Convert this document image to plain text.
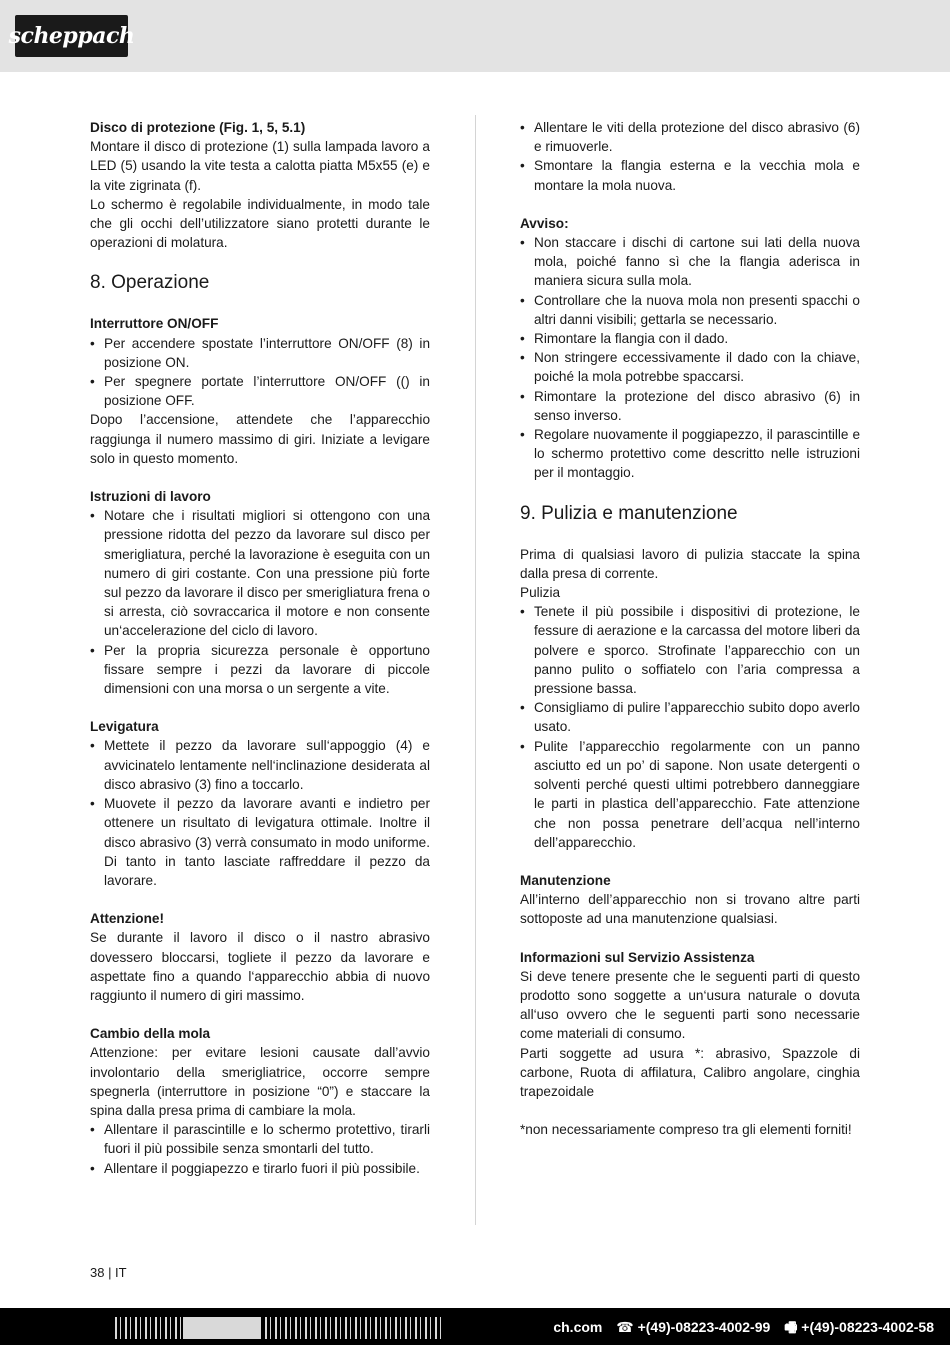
scheppach
Disco di protezione (Fig. 1, 5, 5.1)
Montare il disco di protezione (1) sulla lampada lavoro a LED (5) usando la vite testa a calotta piatta M5x55 (e) e la vite zigrinata (f).
Lo schermo è regolabile individualmente, in modo tale che gli occhi dell’utilizzatore siano protetti durante le operazioni di molatura.
8. Operazione
Interruttore ON/OFF
• Per accendere spostate l’interruttore ON/OFF (8) in posizione ON.
• Per spegnere portate l’interruttore ON/OFF (() in posizione OFF.
Dopo l’accensione, attendete che l’apparecchio raggiunga il numero massimo di giri. Iniziate a levigare solo in questo momento.
Istruzioni di lavoro
• Notare che i risultati migliori si ottengono con una pressione ridotta del pezzo da lavorare sul disco per smerigliatura, perché la lavorazione è eseguita con un numero di giri costante. Con una pressione più forte sul pezzo da lavorare il disco per smerigliatura frena o si arresta, ciò sovraccarica il motore e non consente un‘accelerazione del ciclo di lavoro.
• Per la propria sicurezza personale è opportuno fissare sempre i pezzi da lavorare di piccole dimensioni con una morsa o un sergente a vite.
Levigatura
• Mettete il pezzo da lavorare sull‘appoggio (4) e avvicinatelo lentamente nell‘inclinazione desiderata al disco abrasivo (3) fino a toccarlo.
• Muovete il pezzo da lavorare avanti e indietro per ottenere un risultato di levigatura ottimale. Inoltre il disco abrasivo (3) verrà consumato in modo uniforme. Di tanto in tanto lasciate raffreddare il pezzo da lavorare.
Attenzione!
Se durante il lavoro il disco o il nastro abrasivo dovessero bloccarsi, togliete il pezzo da lavorare e aspettate fino a quando l‘apparecchio abbia di nuovo raggiunto il numero di giri massimo.
Cambio della mola
Attenzione: per evitare lesioni causate dall’avvio involontario della smerigliatrice, occorre sempre spegnerla (interruttore in posizione “0”) e staccare la spina dalla presa prima di cambiare la mola.
• Allentare il parascintille e lo schermo protettivo, tirarli fuori il più possibile senza smontarli del tutto.
• Allentare il poggiapezzo e tirarlo fuori il più possibile.
• Allentare le viti della protezione del disco abrasivo (6) e rimuoverle.
• Smontare la flangia esterna e la vecchia mola e montare la mola nuova.
Avviso:
• Non staccare i dischi di cartone sui lati della nuova mola, poiché fanno sì che la flangia aderisca in maniera sicura sulla mola.
• Controllare che la nuova mola non presenti spacchi o altri danni visibili; gettarla se necessario.
• Rimontare la flangia con il dado.
• Non stringere eccessivamente il dado con la chiave, poiché la mola potrebbe spaccarsi.
• Rimontare la protezione del disco abrasivo (6) in senso inverso.
• Regolare nuovamente il poggiapezzo, il parascintille e lo schermo protettivo come descritto nelle istruzioni per il montaggio.
9. Pulizia e manutenzione
Prima di qualsiasi lavoro di pulizia staccate la spina dalla presa di corrente.
Pulizia
• Tenete il più possibile i dispositivi di protezione, le fessure di aerazione e la carcassa del motore liberi da polvere e sporco. Strofinate l’apparecchio con un panno pulito o soffiatelo con l’aria compressa a pressione bassa.
• Consigliamo di pulire l’apparecchio subito dopo averlo usato.
• Pulite l’apparecchio regolarmente con un panno asciutto ed un po’ di sapone. Non usate detergenti o solventi perché questi ultimi potrebbero danneggiare le parti in plastica dell’apparecchio. Fate attenzione che non possa penetrare dell’acqua nell’interno dell’apparecchio.
Manutenzione
All’interno dell’apparecchio non si trovano altre parti sottoposte ad una manutenzione qualsiasi.
Informazioni sul Servizio Assistenza
Si deve tenere presente che le seguenti parti di questo prodotto sono soggette a un‘usura naturale o dovuta all‘uso ovvero che le seguenti parti sono necessarie come materiali di consumo.
Parti soggette ad usura *: abrasivo, Spazzole di carbone, Ruota di affilatura, Calibro angolare, cinghia trapezoidale
*non necessariamente compreso tra gli elementi forniti!
38 | IT
ch.com ☎ +(49)-08223-4002-99 🖷 +(49)-08223-4002-58
